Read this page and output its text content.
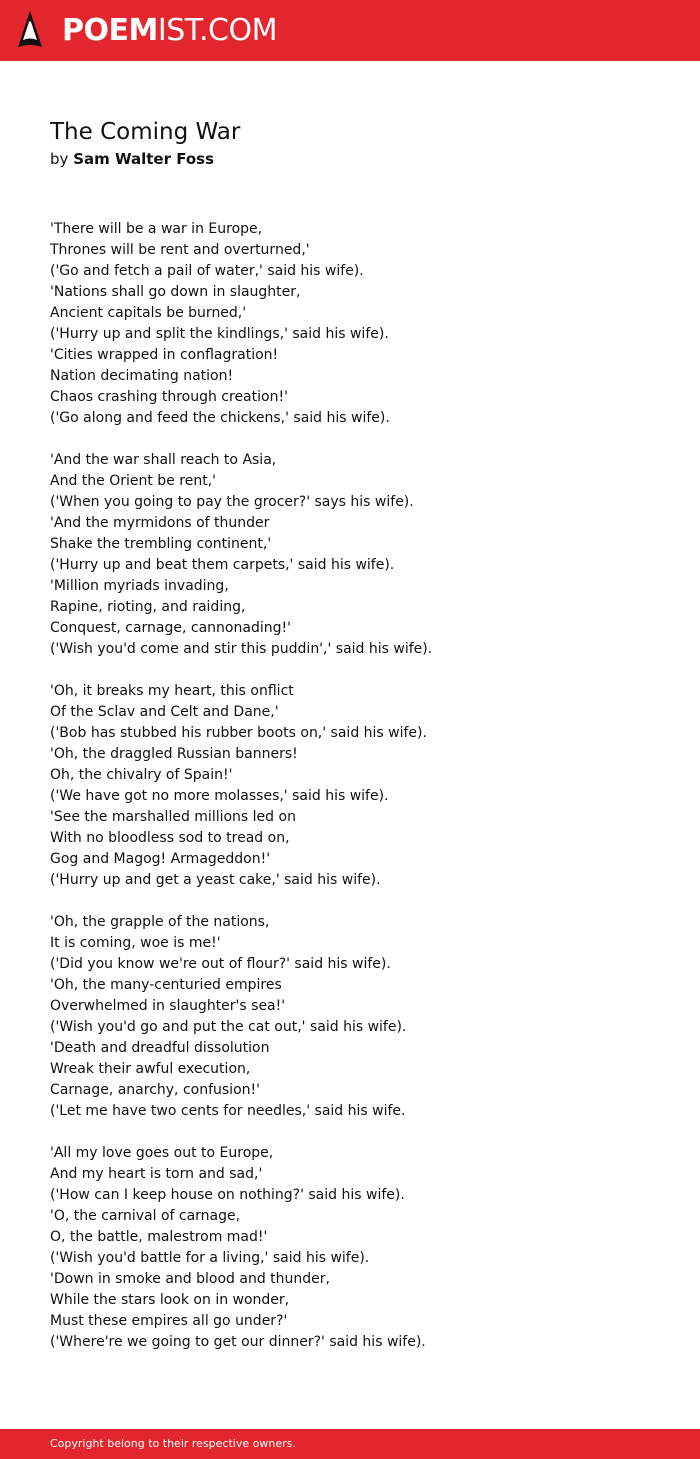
POEMIST.COM
The Coming War
by Sam Walter Foss
'There will be a war in Europe,
Thrones will be rent and overturned,'
('Go and fetch a pail of water,' said his wife).
'Nations shall go down in slaughter,
Ancient capitals be burned,'
('Hurry up and split the kindlings,' said his wife).
'Cities wrapped in conflagration!
Nation decimating nation!
Chaos crashing through creation!'
('Go along and feed the chickens,' said his wife).
'And the war shall reach to Asia,
And the Orient be rent,'
('When you going to pay the grocer?' says his wife).
'And the myrmidons of thunder
Shake the trembling continent,'
('Hurry up and beat them carpets,' said his wife).
'Million myriads invading,
Rapine, rioting, and raiding,
Conquest, carnage, cannonading!'
('Wish you'd come and stir this puddin',' said his wife).
'Oh, it breaks my heart, this onflict
Of the Sclav and Celt and Dane,'
('Bob has stubbed his rubber boots on,' said his wife).
'Oh, the draggled Russian banners!
Oh, the chivalry of Spain!'
('We have got no more molasses,' said his wife).
'See the marshalled millions led on
With no bloodless sod to tread on,
Gog and Magog! Armageddon!'
('Hurry up and get a yeast cake,' said his wife).
'Oh, the grapple of the nations,
It is coming, woe is me!'
('Did you know we're out of flour?' said his wife).
'Oh, the many-centuried empires
Overwhelmed in slaughter's sea!'
('Wish you'd go and put the cat out,' said his wife).
'Death and dreadful dissolution
Wreak their awful execution,
Carnage, anarchy, confusion!'
('Let me have two cents for needles,' said his wife.
'All my love goes out to Europe,
And my heart is torn and sad,'
('How can I keep house on nothing?' said his wife).
'O, the carnival of carnage,
O, the battle, malestrom mad!'
('Wish you'd battle for a living,' said his wife).
'Down in smoke and blood and thunder,
While the stars look on in wonder,
Must these empires all go under?'
('Where're we going to get our dinner?' said his wife).
Copyright belong to their respective owners.
